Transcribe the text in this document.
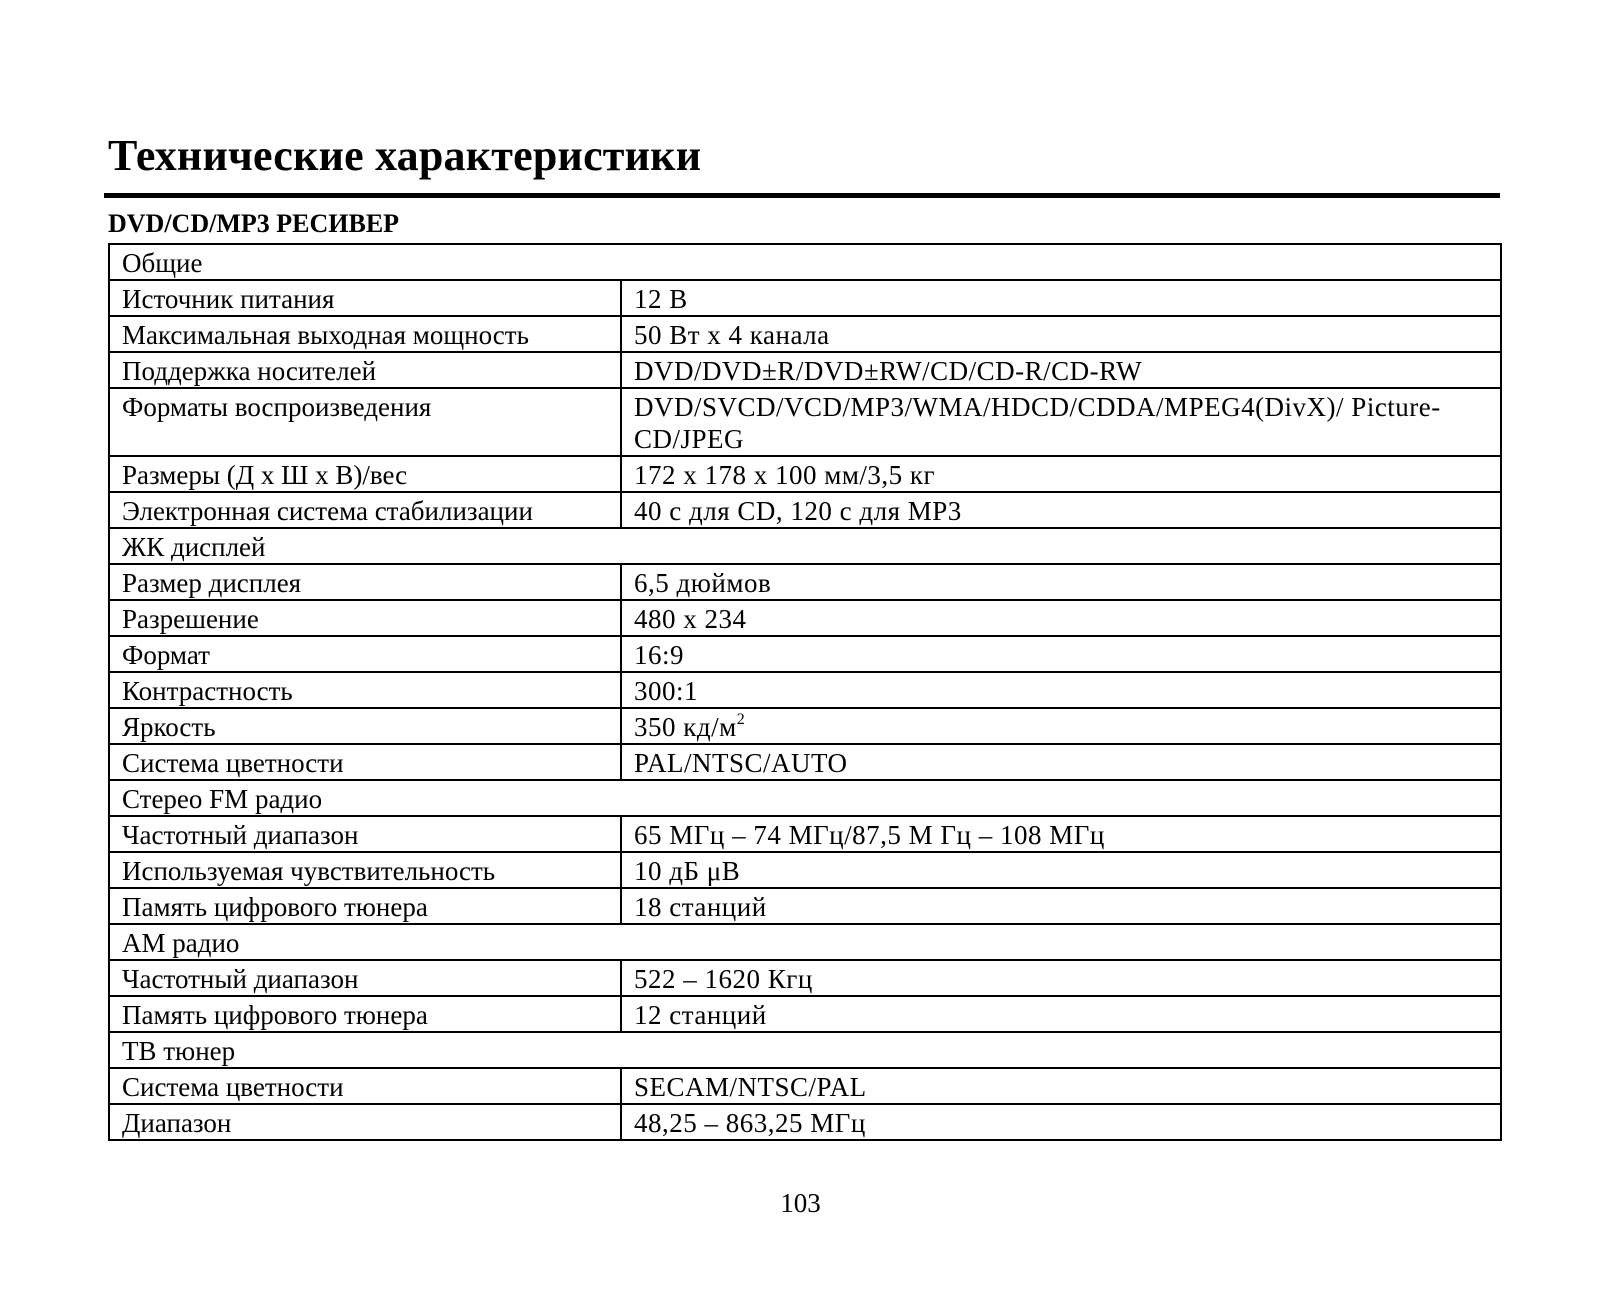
Технические характеристики
DVD/CD/MP3 РЕСИВЕР
Общие	
Источник питания	12 В
Максимальная выходная мощность	50 Вт х 4 канала
Поддержка носителей	DVD/DVD±R/DVD±RW/CD/CD-R/CD-RW
Форматы воспроизведения	DVD/SVCD/VCD/MP3/WMA/HDCD/CDDA/MPEG4(DivX)/ Picture-CD/JPEG
Размеры (Д х Ш х В)/вес	172 х 178 х 100 мм/3,5 кг
Электронная система стабилизации	40 с для CD, 120 с для MP3
ЖК дисплей	
Размер дисплея	6,5 дюймов
Разрешение	480 х 234
Формат	16:9
Контрастность	300:1
Яркость	350 $кд/м^2$
Система цветности	PAL/NTSC/AUTO
Стерео FM радио	
Частотный диапазон	65 МГц – 74 МГц/87,5 М Гц – 108 МГц
Используемая чувствительность	10 дБ μВ
Память цифрового тюнера	18 станций
АМ радио	
Частотный диапазон	522 – 1620 Кгц
Память цифрового тюнера	12 станций
ТВ тюнер	
Система цветности	SECAM/NTSC/PAL
Диапазон	48,25 – 863,25 МГц
103
